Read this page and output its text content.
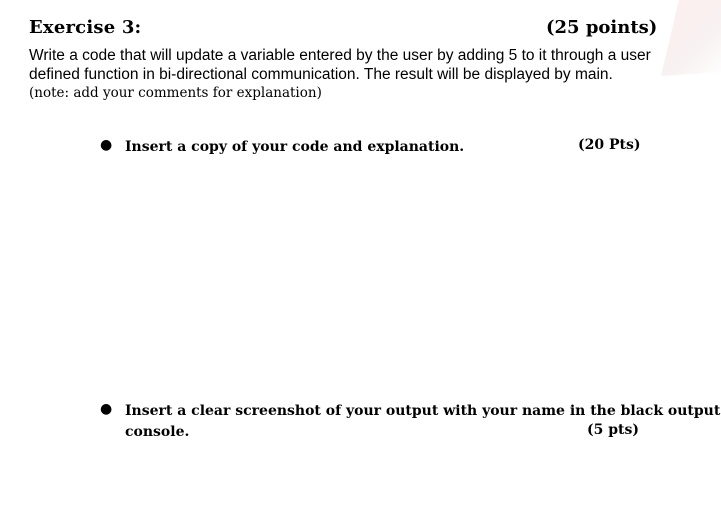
Exercise 3:	(25 points)
Write a code that will update a variable entered by the user by adding 5 to it through a user defined function in bi-directional communication. The result will be displayed by main.
(note: add your comments for explanation)
● Insert a copy of your code and explanation.	(20 Pts)
● Insert a clear screenshot of your output with your name in the black output
console.	(5 pts)
